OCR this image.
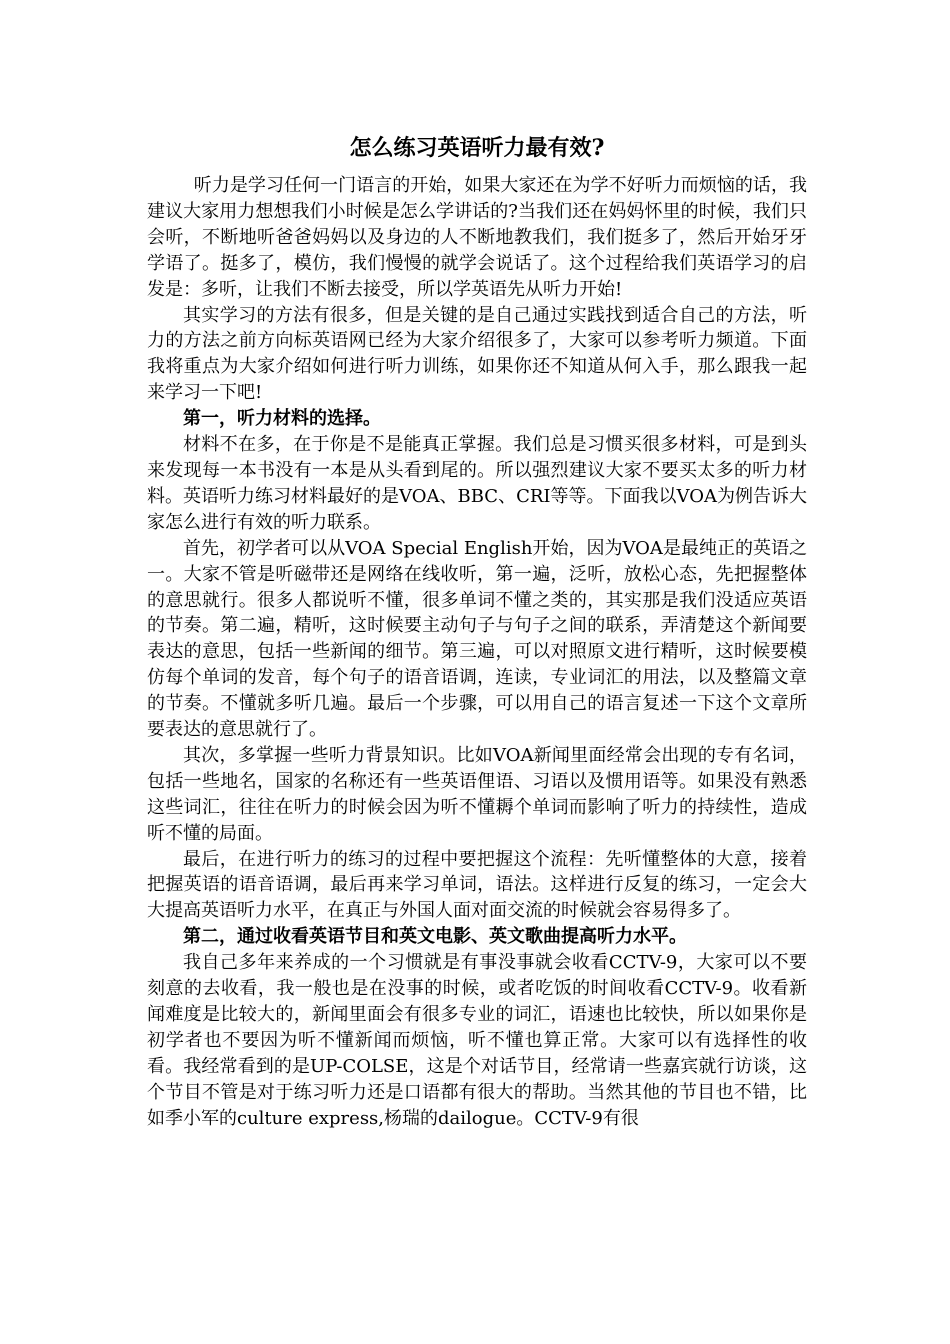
怎么练习英语听力最有效?

听力是学习任何一门语言的开始，如果大家还在为学不好听力而烦恼的话，我建议大家用力想想我们小时候是怎么学讲话的?当我们还在妈妈怀里的时候，我们只会听，不断地听爸爸妈妈以及身边的人不断地教我们，我们挺多了，然后开始牙牙学语了。挺多了，模仿，我们慢慢的就学会说话了。这个过程给我们英语学习的启发是：多听，让我们不断去接受，所以学英语先从听力开始!

其实学习的方法有很多，但是关键的是自己通过实践找到适合自己的方法，听力的方法之前方向标英语网已经为大家介绍很多了，大家可以参考听力频道。下面我将重点为大家介绍如何进行听力训练，如果你还不知道从何入手，那么跟我一起来学习一下吧!

第一，听力材料的选择。

材料不在多，在于你是不是能真正掌握。我们总是习惯买很多材料，可是到头来发现每一本书没有一本是从头看到尾的。所以强烈建议大家不要买太多的听力材料。英语听力练习材料最好的是VOA、BBC、CRI等等。下面我以VOA为例告诉大家怎么进行有效的听力联系。

首先，初学者可以从VOA Special English开始，因为VOA是最纯正的英语之一。大家不管是听磁带还是网络在线收听，第一遍，泛听，放松心态，先把握整体的意思就行。很多人都说听不懂，很多单词不懂之类的，其实那是我们没适应英语的节奏。第二遍，精听，这时候要主动句子与句子之间的联系，弄清楚这个新闻要表达的意思，包括一些新闻的细节。第三遍，可以对照原文进行精听，这时候要模仿每个单词的发音，每个句子的语音语调，连读，专业词汇的用法，以及整篇文章的节奏。不懂就多听几遍。最后一个步骤，可以用自己的语言复述一下这个文章所要表达的意思就行了。

其次，多掌握一些听力背景知识。比如VOA新闻里面经常会出现的专有名词，包括一些地名，国家的名称还有一些英语俚语、习语以及惯用语等。如果没有熟悉这些词汇，往往在听力的时候会因为听不懂耨个单词而影响了听力的持续性，造成听不懂的局面。

最后，在进行听力的练习的过程中要把握这个流程：先听懂整体的大意，接着把握英语的语音语调，最后再来学习单词，语法。这样进行反复的练习，一定会大大提高英语听力水平，在真正与外国人面对面交流的时候就会容易得多了。

第二，通过收看英语节目和英文电影、英文歌曲提高听力水平。

我自己多年来养成的一个习惯就是有事没事就会收看CCTV-9，大家可以不要刻意的去收看，我一般也是在没事的时候，或者吃饭的时间收看CCTV-9。收看新闻难度是比较大的，新闻里面会有很多专业的词汇，语速也比较快，所以如果你是初学者也不要因为听不懂新闻而烦恼，听不懂也算正常。大家可以有选择性的收看。我经常看到的是UP-COLSE，这是个对话节目，经常请一些嘉宾就行访谈，这个节目不管是对于练习听力还是口语都有很大的帮助。当然其他的节目也不错，比如季小军的culture express,杨瑞的dailogue。CCTV-9有很
